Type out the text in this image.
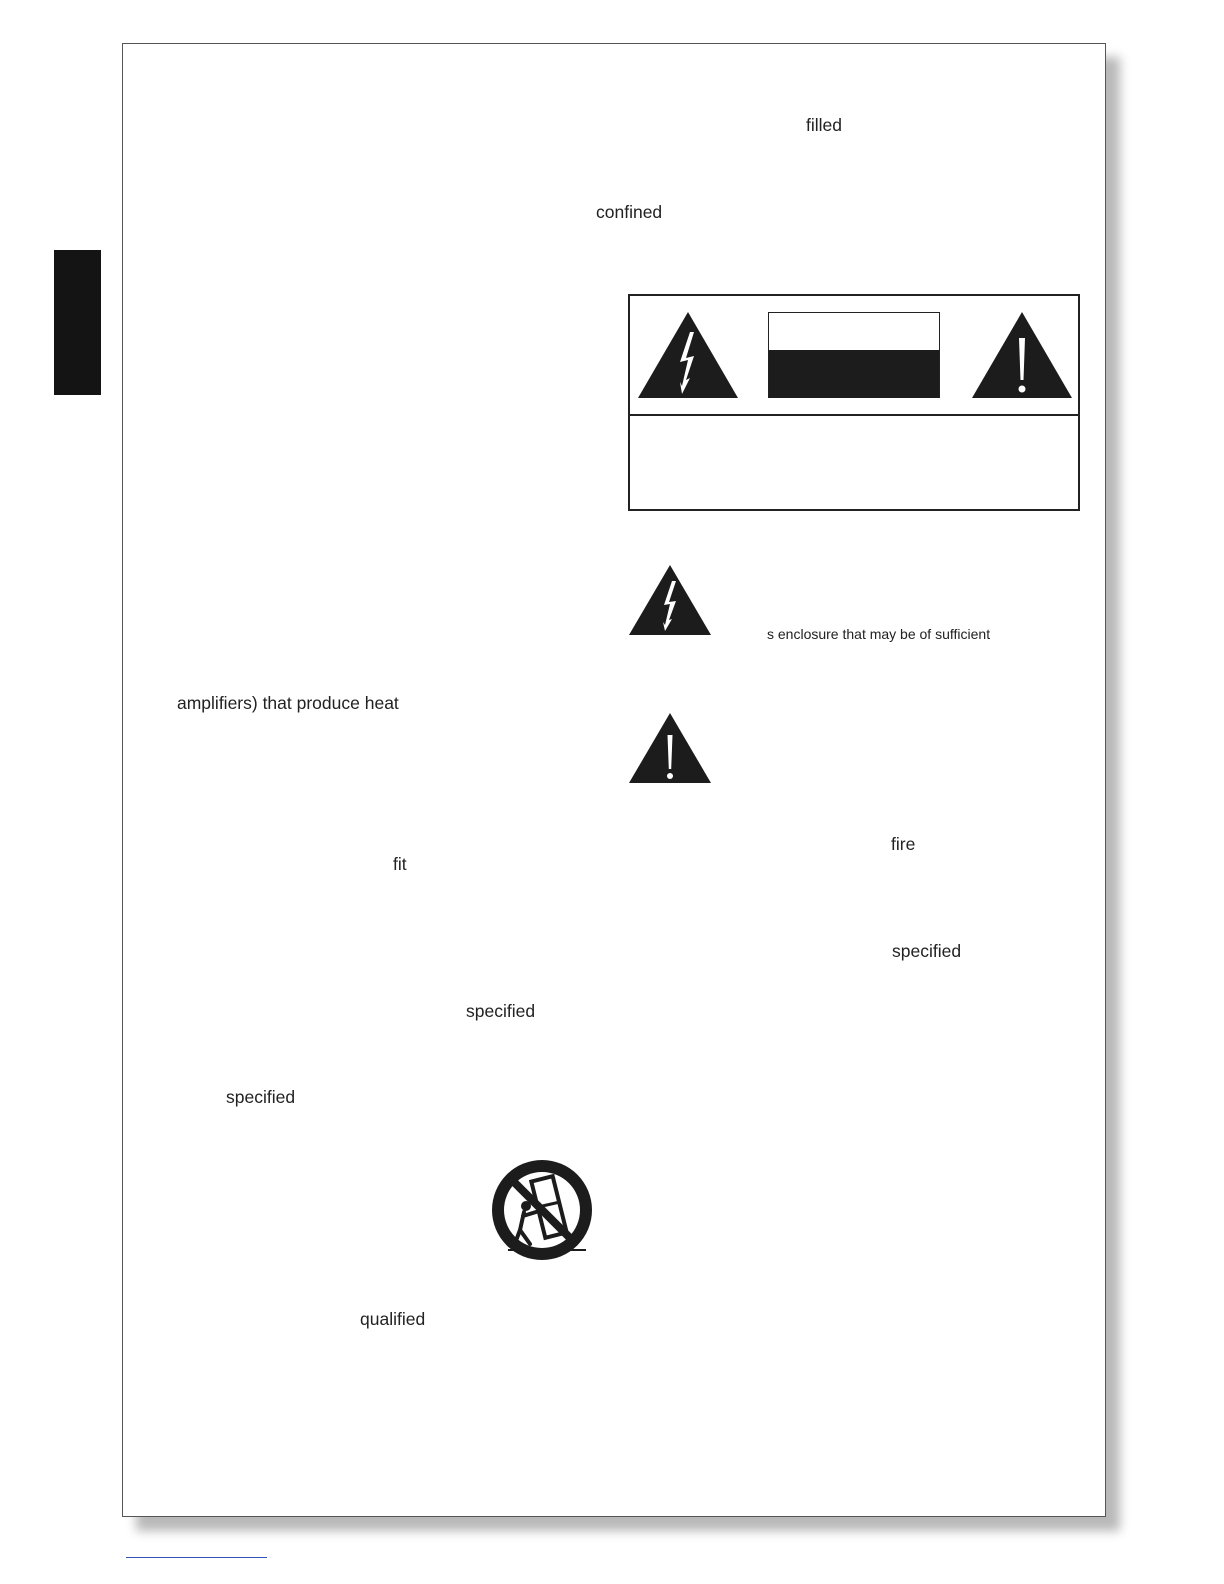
filled
confined
s enclosure that may be of sufficient
amplifiers) that produce heat
fit
specified
specified
qualified
fire
specified
